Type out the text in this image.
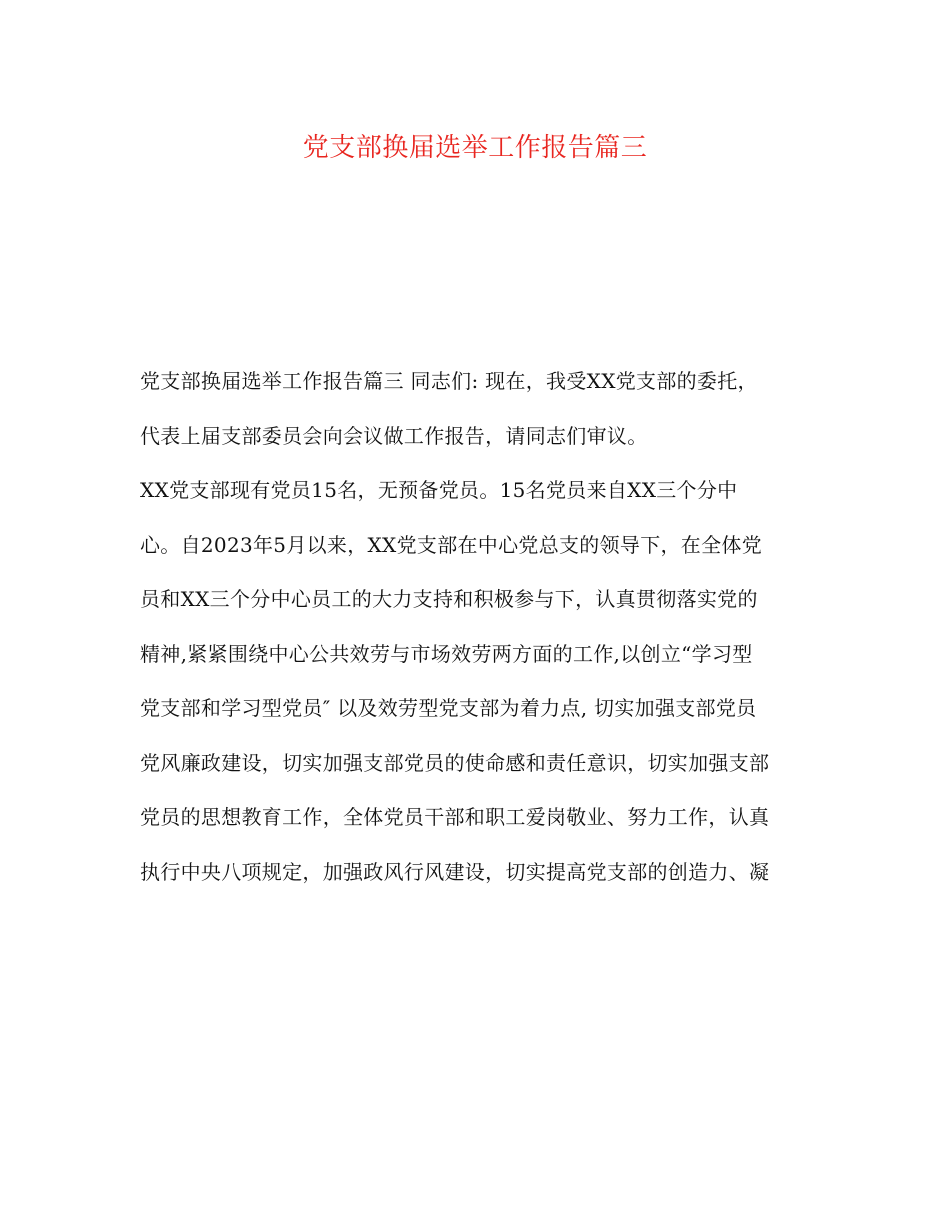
党支部换届选举工作报告篇三
党支部换届选举工作报告篇三 同志们: 现在，我受XX党支部的委托，
代表上届支部委员会向会议做工作报告，请同志们审议。
XX党支部现有党员15名，无预备党员。15名党员来自XX三个分中
心。自2023年5月以来，XX党支部在中心党总支的领导下，在全体党
员和XX三个分中心员工的大力支持和积极参与下，认真贯彻落实党的
精神,紧紧围绕中心公共效劳与市场效劳两方面的工作,以创立“学习型
党支部和学习型党员″ 以及效劳型党支部为着力点, 切实加强支部党员
党风廉政建设，切实加强支部党员的使命感和责任意识，切实加强支部
党员的思想教育工作，全体党员干部和职工爱岗敬业、努力工作，认真
执行中央八项规定，加强政风行风建设，切实提高党支部的创造力、凝
